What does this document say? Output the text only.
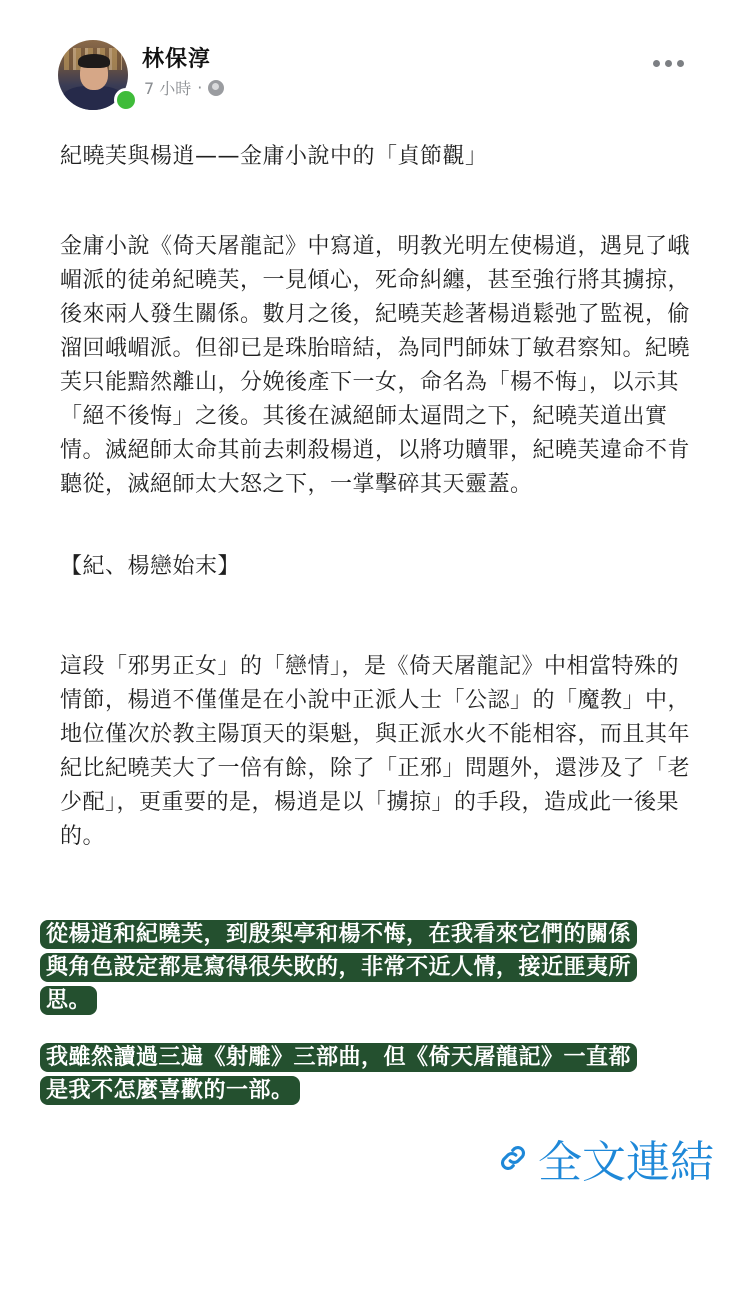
林保淳
7 小時 ·
紀曉芙與楊逍——金庸小說中的「貞節觀」
金庸小說《倚天屠龍記》中寫道，明教光明左使楊逍，遇見了峨嵋派的徒弟紀曉芙，一見傾心，死命糾纏，甚至強行將其擄掠，後來兩人發生關係。數月之後，紀曉芙趁著楊逍鬆弛了監視，偷溜回峨嵋派。但卻已是珠胎暗結，為同門師妹丁敏君察知。紀曉芙只能黯然離山，分娩後產下一女，命名為「楊不悔」，以示其「絕不後悔」之後。其後在滅絕師太逼問之下，紀曉芙道出實情。滅絕師太命其前去刺殺楊逍，以將功贖罪，紀曉芙違命不肯聽從，滅絕師太大怒之下，一掌擊碎其天靈蓋。
【紀、楊戀始末】
這段「邪男正女」的「戀情」，是《倚天屠龍記》中相當特殊的情節，楊逍不僅僅是在小說中正派人士「公認」的「魔教」中，地位僅次於教主陽頂天的渠魁，與正派水火不能相容，而且其年紀比紀曉芙大了一倍有餘，除了「正邪」問題外，還涉及了「老少配」，更重要的是，楊逍是以「擄掠」的手段，造成此一後果的。
從楊逍和紀曉芙，到殷梨亭和楊不悔，在我看來它們的關係
與角色設定都是寫得很失敗的，非常不近人情，接近匪夷所
思。
我雖然讀過三遍《射雕》三部曲，但《倚天屠龍記》一直都
是我不怎麼喜歡的一部。
全文連結
